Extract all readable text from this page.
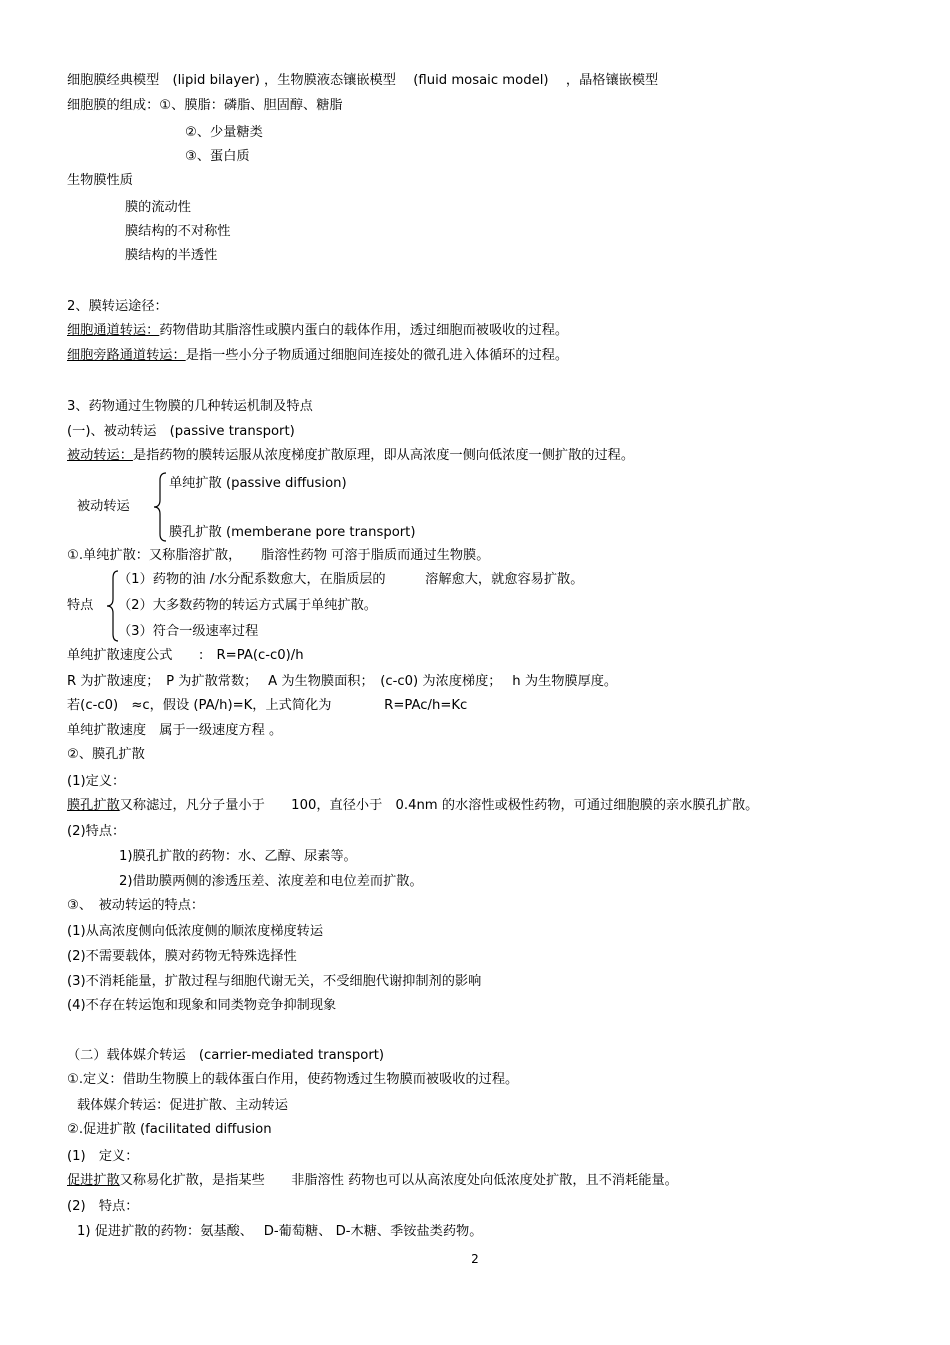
细胞膜经典模型　(lipid bilayer) ，生物膜液态镶嵌模型　 (fluid mosaic model) 　，晶格镶嵌模型
细胞膜的组成：①、膜脂：磷脂、胆固醇、糖脂
②、少量糖类
③、蛋白质
生物膜性质
膜的流动性
膜结构的不对称性
膜结构的半透性
2、膜转运途径：
细胞通道转运：药物借助其脂溶性或膜内蛋白的载体作用，透过细胞而被吸收的过程。
细胞旁路通道转运：是指一些小分子物质通过细胞间连接处的微孔进入体循环的过程。
3、药物通过生物膜的几种转运机制及特点
(一)、被动转运　(passive transport)
被动转运：是指药物的膜转运服从浓度梯度扩散原理，即从高浓度一侧向低浓度一侧扩散的过程。
单纯扩散 (passive diffusion)
被动转运
膜孔扩散 (memberane pore transport)
①.单纯扩散：又称脂溶扩散，　　脂溶性药物 可溶于脂质而通过生物膜。
（1）药物的油 /水分配系数愈大，在脂质层的　　　溶解愈大，就愈容易扩散。
特点 （2）大多数药物的转运方式属于单纯扩散。
（3）符合一级速率过程
单纯扩散速度公式　　:　R=PA(c-c0)/h
R 为扩散速度；　P 为扩散常数；　 A 为生物膜面积；　(c-c0) 为浓度梯度；　 h 为生物膜厚度。
若(c-c0)　≈c，假设 (PA/h)=K，上式简化为　　　　R=PAc/h=Kc
单纯扩散速度　属于一级速度方程 。
②、膜孔扩散
(1)定义：
膜孔扩散又称滤过，凡分子量小于　　100，直径小于　0.4nm 的水溶性或极性药物，可通过细胞膜的亲水膜孔扩散。
(2)特点：
1)膜孔扩散的药物：水、乙醇、尿素等。
2)借助膜两侧的渗透压差、浓度差和电位差而扩散。
③、　被动转运的特点：
(1)从高浓度侧向低浓度侧的顺浓度梯度转运
(2)不需要载体，膜对药物无特殊选择性
(3)不消耗能量，扩散过程与细胞代谢无关，不受细胞代谢抑制剂的影响
(4)不存在转运饱和现象和同类物竞争抑制现象
（二）载体媒介转运　(carrier-mediated transport)
①.定义：借助生物膜上的载体蛋白作用，使药物透过生物膜而被吸收的过程。
载体媒介转运：促进扩散、主动转运
②.促进扩散 (facilitated diffusion
(1)　定义：
促进扩散又称易化扩散，是指某些　　非脂溶性 药物也可以从高浓度处向低浓度处扩散，且不消耗能量。
(2)　特点：
1) 促进扩散的药物：氨基酸、　 D-葡萄糖、 D-木糖、季铵盐类药物。
2
